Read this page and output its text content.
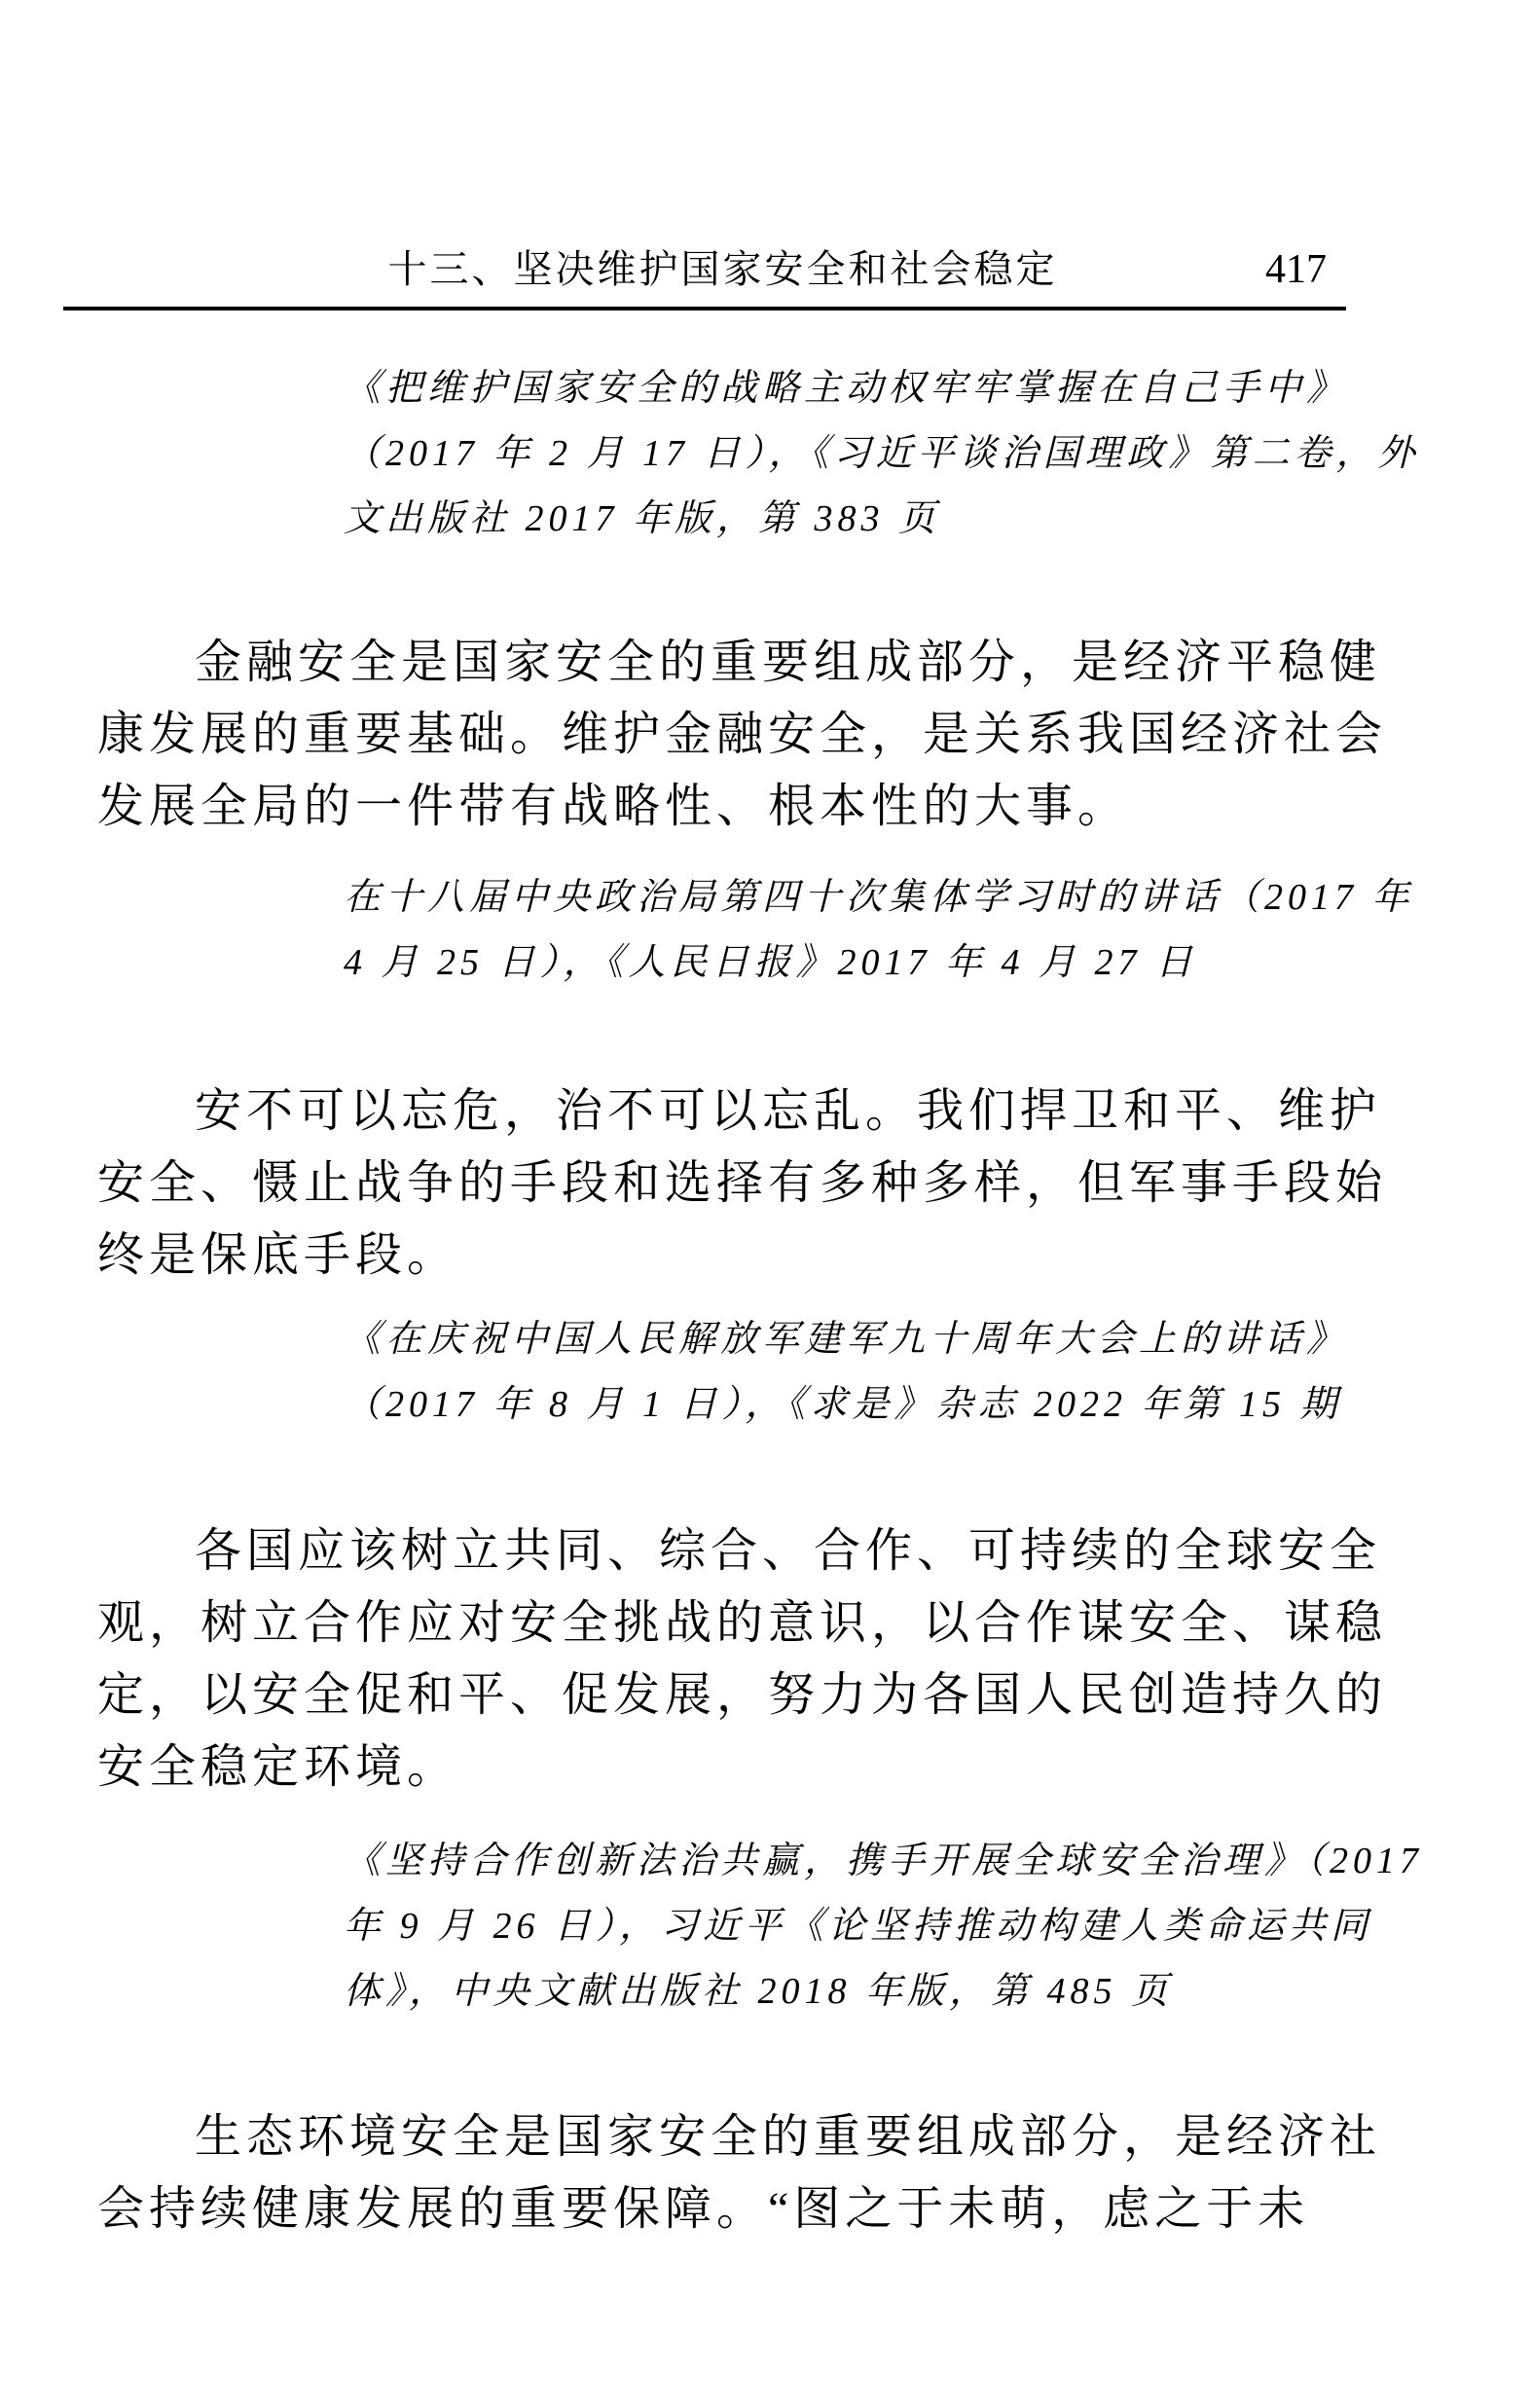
十三、坚决维护国家安全和社会稳定	417
《把维护国家安全的战略主动权牢牢掌握在自己手中》
（2017 年 2 月 17 日），《习近平谈治国理政》第二卷，外
文出版社 2017 年版，第 383 页
金融安全是国家安全的重要组成部分，是经济平稳健
康发展的重要基础。维护金融安全，是关系我国经济社会
发展全局的一件带有战略性、根本性的大事。
在十八届中央政治局第四十次集体学习时的讲话（2017 年
4 月 25 日），《人民日报》2017 年 4 月 27 日
安不可以忘危，治不可以忘乱。我们捍卫和平、维护
安全、慑止战争的手段和选择有多种多样，但军事手段始
终是保底手段。
《在庆祝中国人民解放军建军九十周年大会上的讲话》
（2017 年 8 月 1 日），《求是》杂志 2022 年第 15 期
各国应该树立共同、综合、合作、可持续的全球安全
观，树立合作应对安全挑战的意识，以合作谋安全、谋稳
定，以安全促和平、促发展，努力为各国人民创造持久的
安全稳定环境。
《坚持合作创新法治共赢，携手开展全球安全治理》（2017
年 9 月 26 日），习近平《论坚持推动构建人类命运共同
体》，中央文献出版社 2018 年版，第 485 页
生态环境安全是国家安全的重要组成部分，是经济社
会持续健康发展的重要保障。“图之于未萌，虑之于未
